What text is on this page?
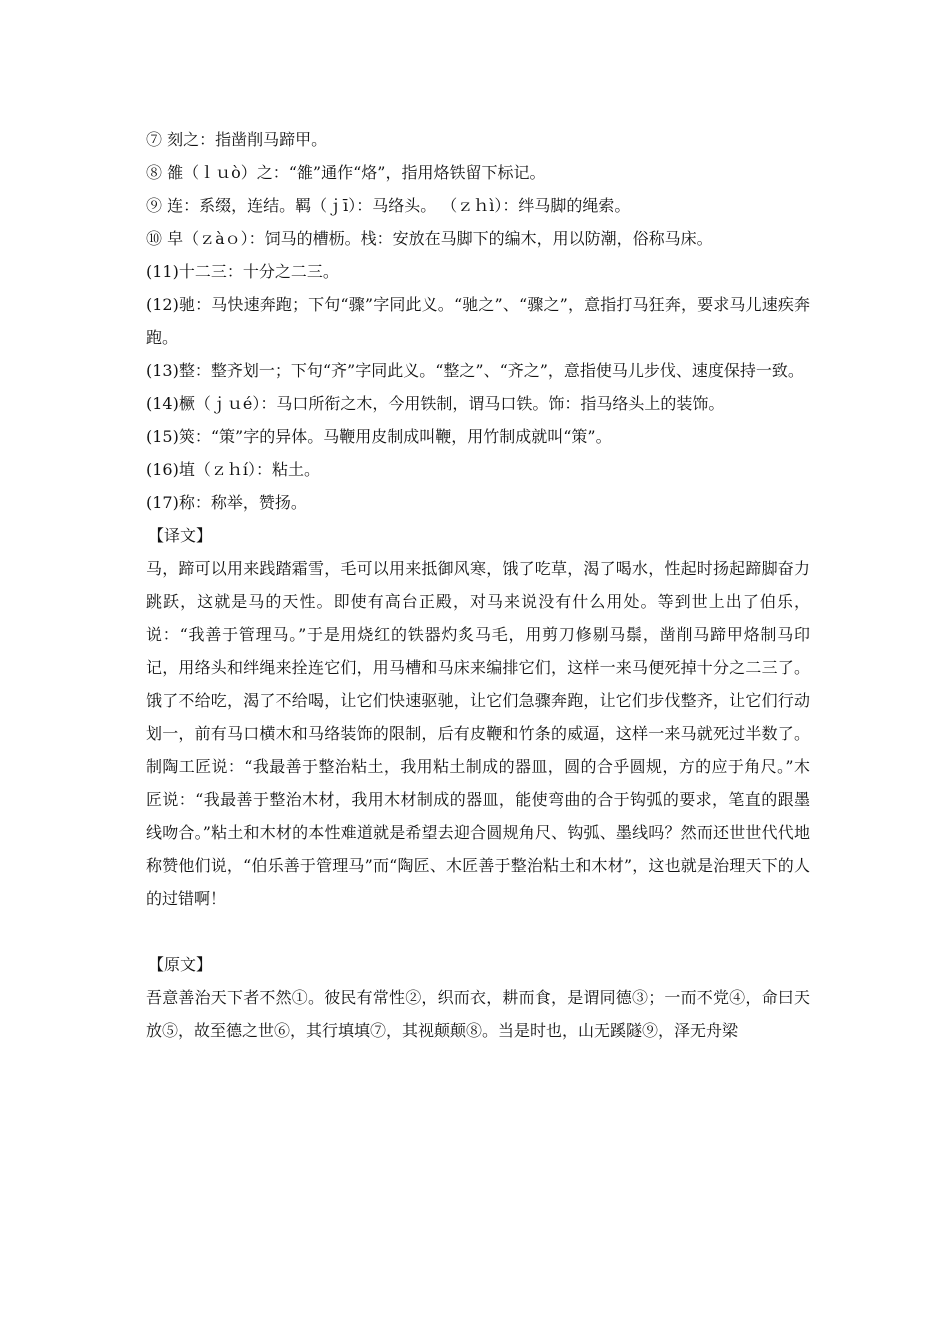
⑦ 刻之：指凿削马蹄甲。

⑧ 雒（ｌｕò）之：“雒”通作“烙”，指用烙铁留下标记。

⑨ 连：系缀，连结。羁（ｊī）：马络头。 （ｚｈì）：绊马脚的绳索。

⑩ 皁（ｚàｏ）：饲马的槽枥。栈：安放在马脚下的编木，用以防潮，俗称马床。

(11)十二三：十分之二三。

(12)驰：马快速奔跑；下句“骤”字同此义。“驰之”、“骤之”，意指打马狂奔，要求马儿速疾奔跑。

(13)整：整齐划一；下句“齐”字同此义。“整之”、“齐之”，意指使马儿步伐、速度保持一致。

(14)橛（ｊｕé）：马口所衔之木，今用铁制，谓马口铁。饰：指马络头上的装饰。

(15)筴：“策”字的异体。马鞭用皮制成叫鞭，用竹制成就叫“策”。

(16)埴（ｚｈí）：粘土。

(17)称：称举，赞扬。

【译文】

马，蹄可以用来践踏霜雪，毛可以用来抵御风寒，饿了吃草，渴了喝水，性起时扬起蹄脚奋力跳跃，这就是马的天性。即使有高台正殿，对马来说没有什么用处。等到世上出了伯乐，说：“我善于管理马。”于是用烧红的铁器灼炙马毛，用剪刀修剔马鬃，凿削马蹄甲烙制马印记，用络头和绊绳来拴连它们，用马槽和马床来编排它们，这样一来马便死掉十分之二三了。饿了不给吃，渴了不给喝，让它们快速驱驰，让它们急骤奔跑，让它们步伐整齐，让它们行动划一，前有马口横木和马络装饰的限制，后有皮鞭和竹条的威逼，这样一来马就死过半数了。制陶工匠说：“我最善于整治粘土，我用粘土制成的器皿，圆的合乎圆规，方的应于角尺。”木匠说：“我最善于整治木材，我用木材制成的器皿，能使弯曲的合于钩弧的要求，笔直的跟墨线吻合。”粘土和木材的本性难道就是希望去迎合圆规角尺、钩弧、墨线吗？然而还世世代代地称赞他们说，“伯乐善于管理马”而“陶匠、木匠善于整治粘土和木材”，这也就是治理天下的人的过错啊！

【原文】

吾意善治天下者不然①。彼民有常性②，织而衣，耕而食，是谓同德③；一而不党④，命曰天放⑤，故至德之世⑥，其行填填⑦，其视颠颠⑧。当是时也，山无蹊隧⑨，泽无舟梁
